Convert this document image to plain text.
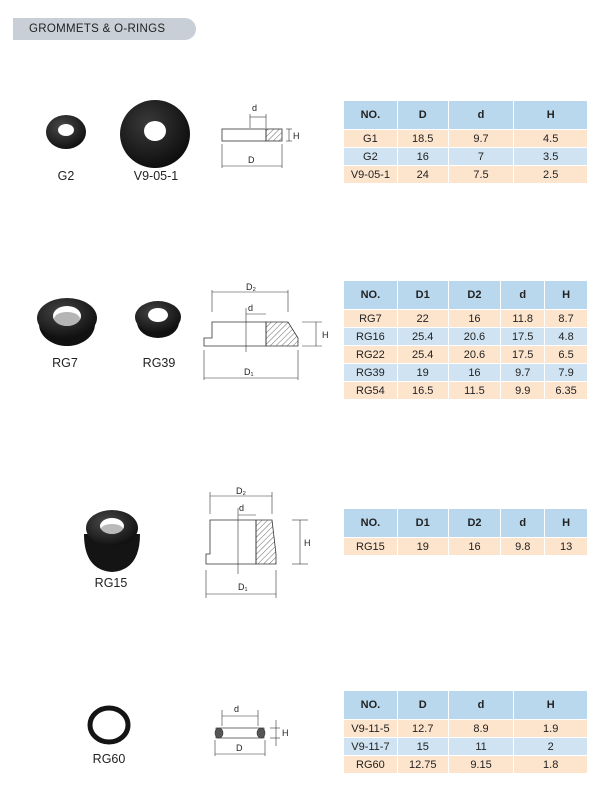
GROMMETS & O-RINGS
G2	V9-05-1
d
H
D
NO.	D	d	H
G1	18.5	9.7	4.5
G2	16	7	3.5
V9-05-1	24	7.5	2.5
RG7	RG39
D₂
d
H
D₁
NO.	D1	D2	d	H
RG7	22	16	11.8	8.7
RG16	25.4	20.6	17.5	4.8
RG22	25.4	20.6	17.5	6.5
RG39	19	16	9.7	7.9
RG54	16.5	11.5	9.9	6.35
RG15
D₂
d
H
D₁
NO.	D1	D2	d	H
RG15	19	16	9.8	13
RG60
d
H
D
NO.	D	d	H
V9-11-5	12.7	8.9	1.9
V9-11-7	15	11	2
RG60	12.75	9.15	1.8
